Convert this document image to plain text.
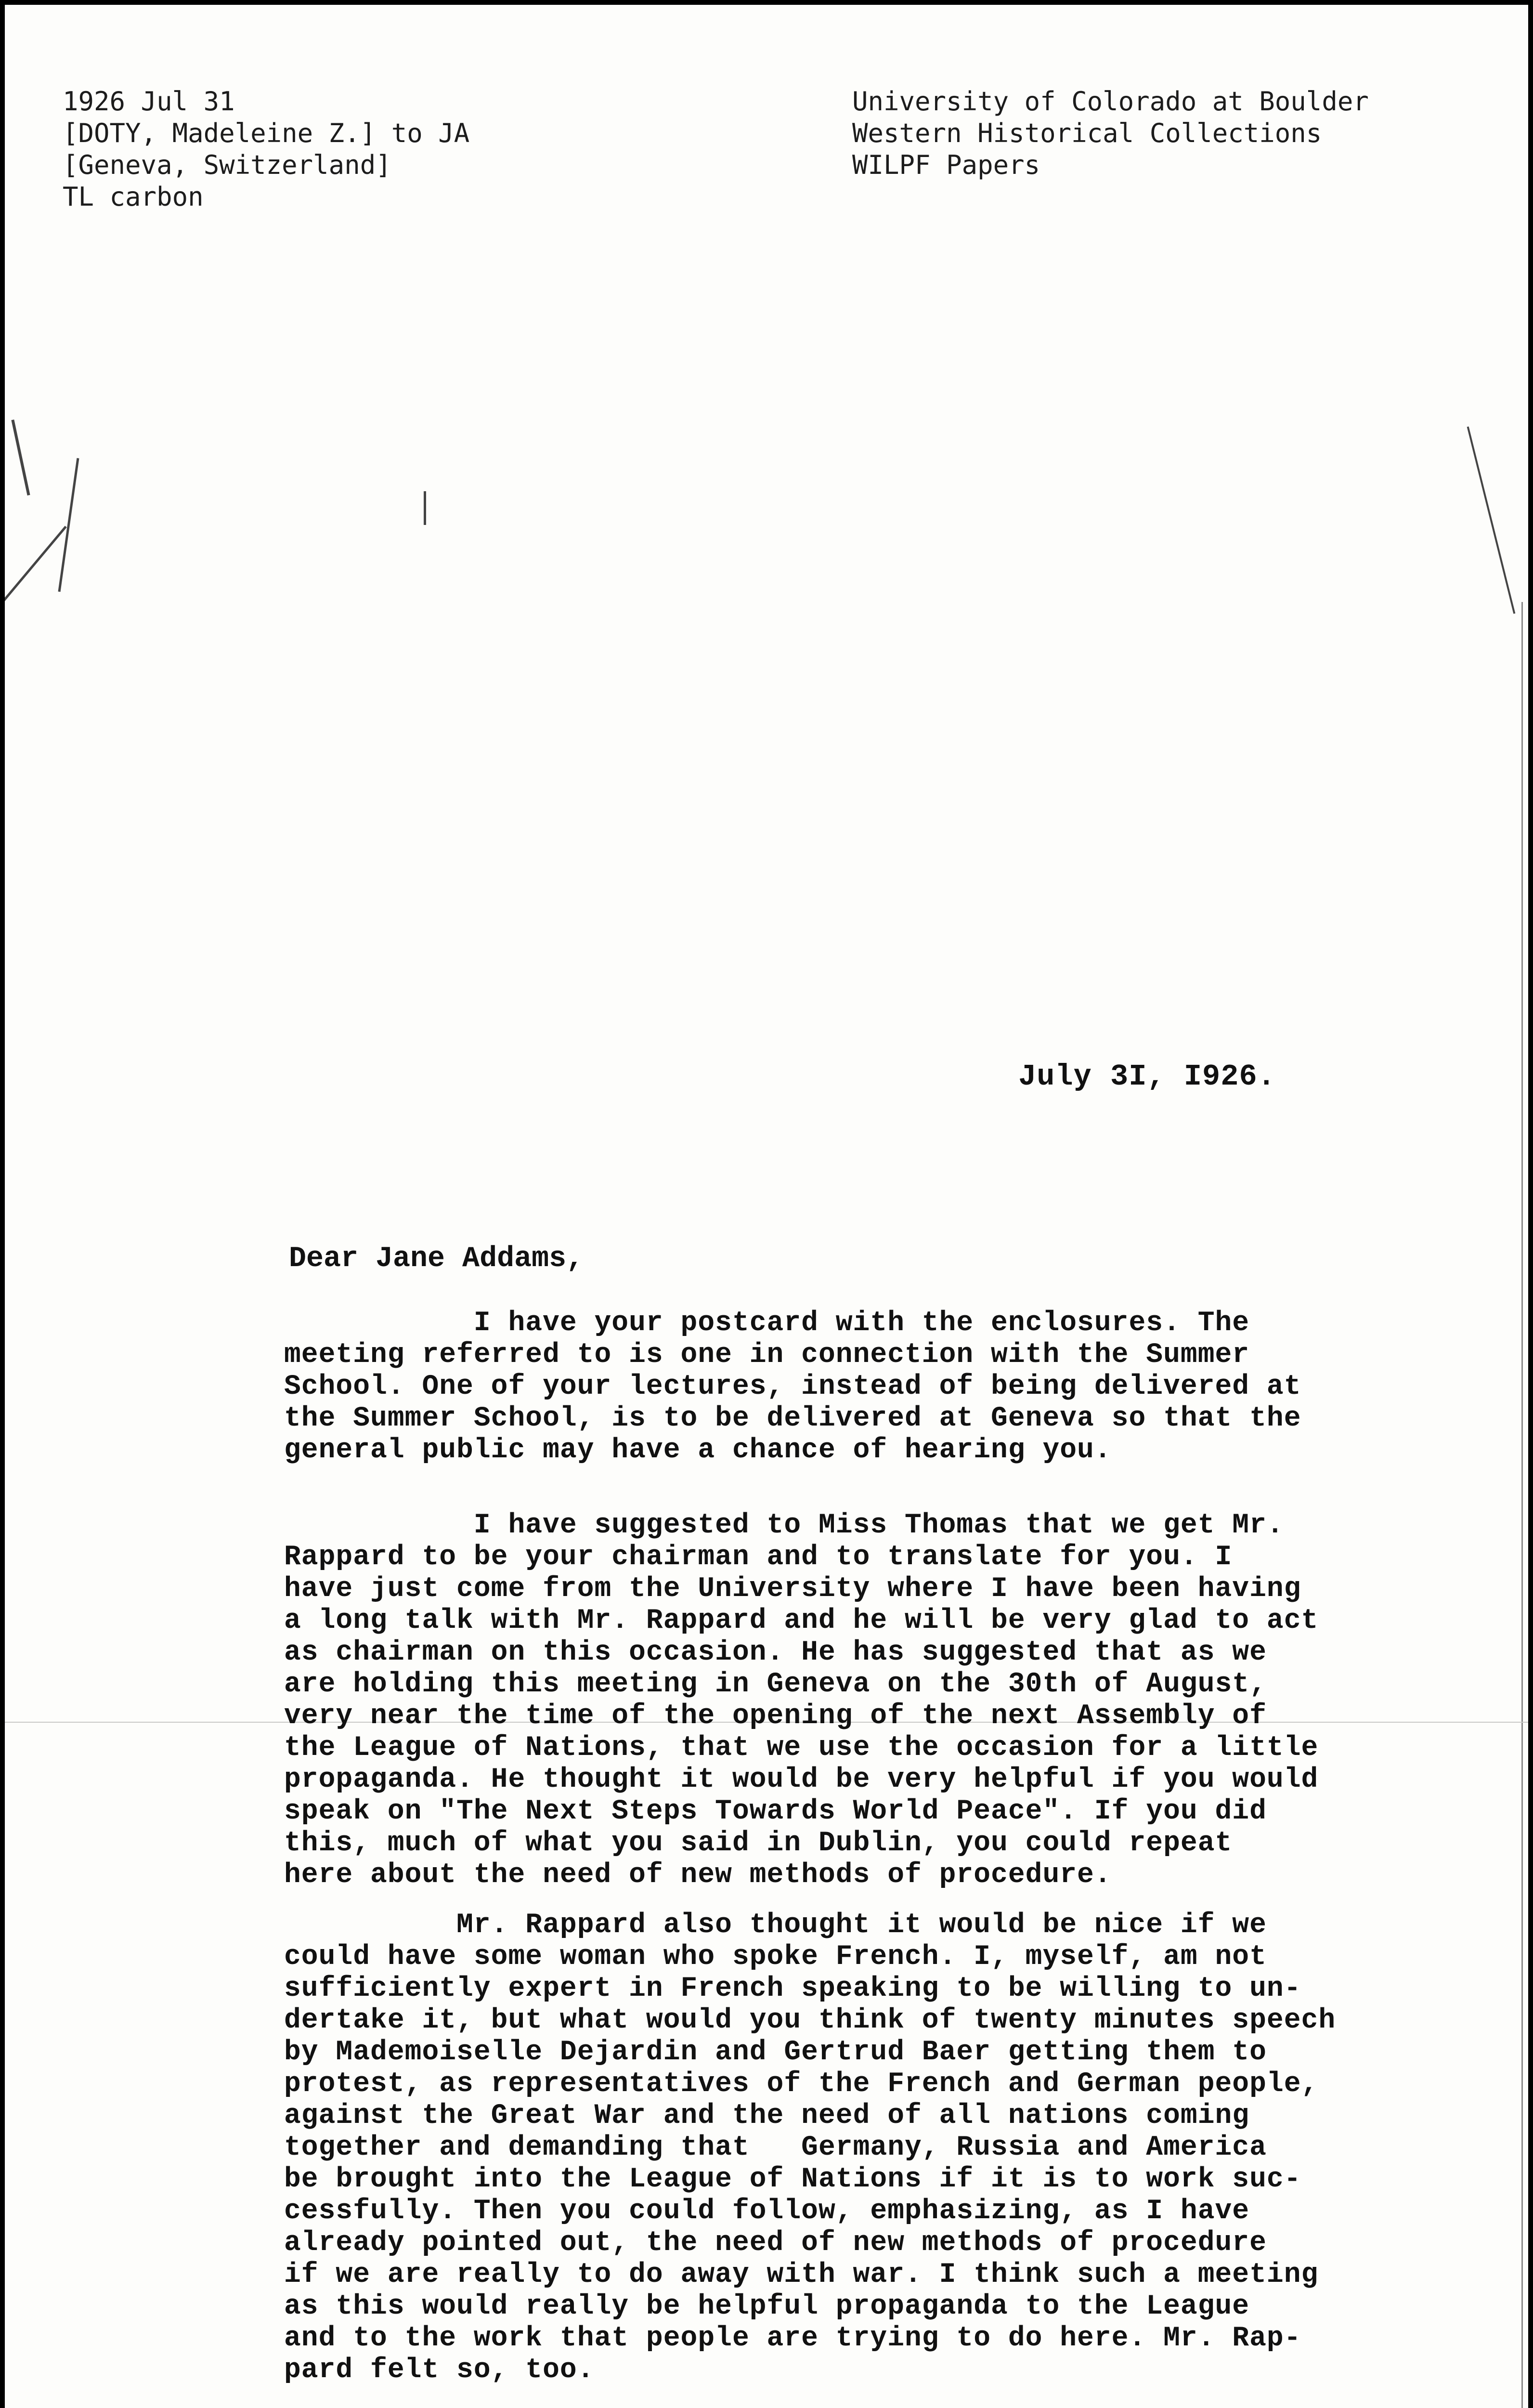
1926 Jul 31
[DOTY, Madeleine Z.] to JA
[Geneva, Switzerland]
TL carbon
University of Colorado at Boulder
Western Historical Collections
WILPF Papers
July 3I, I926.
Dear Jane Addams,
I have your postcard with the enclosures. The
meeting referred to is one in connection with the Summer
School. One of your lectures, instead of being delivered at
the Summer School, is to be delivered at Geneva so that the
general public may have a chance of hearing you.
I have suggested to Miss Thomas that we get Mr.
Rappard to be your chairman and to translate for you. I
have just come from the University where I have been having
a long talk with Mr. Rappard and he will be very glad to act
as chairman on this occasion. He has suggested that as we
are holding this meeting in Geneva on the 30th of August,
very near the time of the opening of the next Assembly of
the League of Nations, that we use the occasion for a little
propaganda. He thought it would be very helpful if you would
speak on "The Next Steps Towards World Peace". If you did
this, much of what you said in Dublin, you could repeat
here about the need of new methods of procedure.
Mr. Rappard also thought it would be nice if we
could have some woman who spoke French. I, myself, am not
sufficiently expert in French speaking to be willing to un-
dertake it, but what would you think of twenty minutes speech
by Mademoiselle Dejardin and Gertrud Baer getting them to
protest, as representatives of the French and German people,
against the Great War and the need of all nations coming
together and demanding that   Germany, Russia and America
be brought into the League of Nations if it is to work suc-
cessfully. Then you could follow, emphasizing, as I have
already pointed out, the need of new methods of procedure
if we are really to do away with war. I think such a meeting
as this would really be helpful propaganda to the League
and to the work that people are trying to do here. Mr. Rap-
pard felt so, too.
